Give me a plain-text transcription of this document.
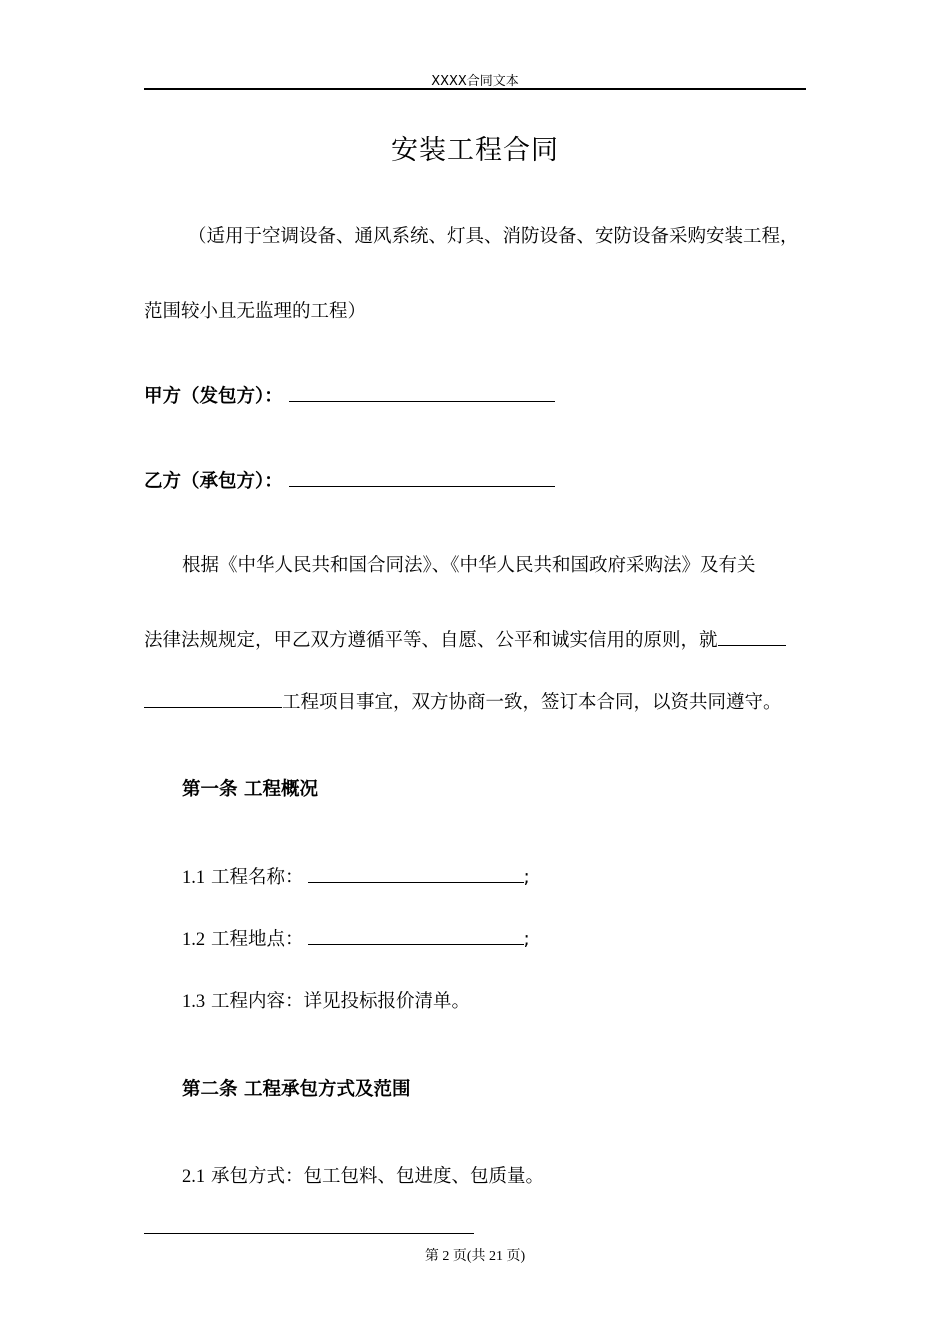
XXXX合同文本
安装工程合同
（适用于空调设备、通风系统、灯具、消防设备、安防设备采购安装工程，
范围较小且无监理的工程）
甲方（发包方）：
乙方（承包方）：
根据《中华人民共和国合同法》、《中华人民共和国政府采购法》及有关
法律法规规定，甲乙双方遵循平等、自愿、公平和诚实信用的原则，就
工程项目事宜，双方协商一致，签订本合同，以资共同遵守。
第一条 工程概况
1.1 工程名称：	;
1.2 工程地点：	;
1.3 工程内容：详见投标报价清单。
第二条 工程承包方式及范围
2.1 承包方式：包工包料、包进度、包质量。
第 2 页(共 21 页)
